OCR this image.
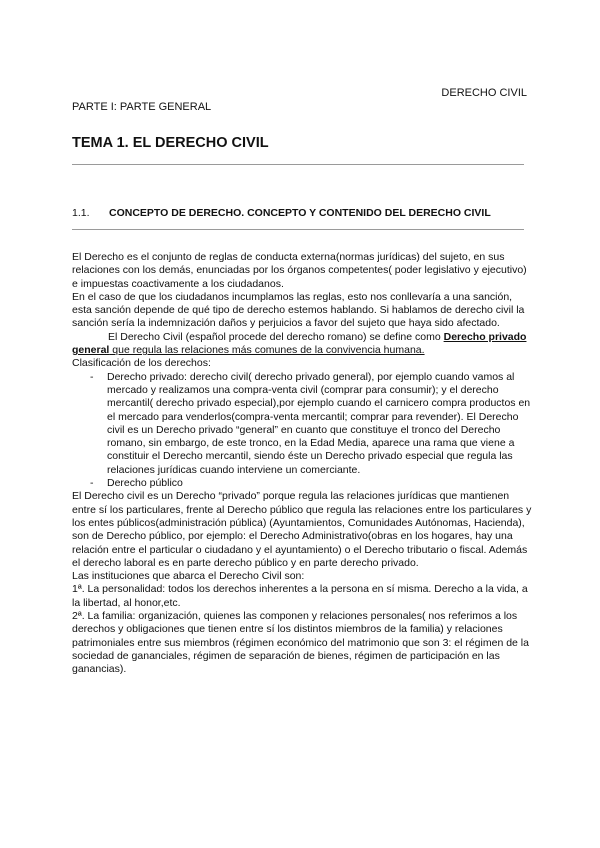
DERECHO CIVIL
PARTE I: PARTE GENERAL
TEMA 1. EL DERECHO CIVIL
1.1.	CONCEPTO DE DERECHO. CONCEPTO Y CONTENIDO DEL DERECHO CIVIL

El Derecho es el conjunto de reglas de conducta externa(normas jurídicas) del sujeto, en sus relaciones con los demás, enunciadas por los órganos competentes( poder legislativo y ejecutivo) e impuestas coactivamente a los ciudadanos.

En el caso de que los ciudadanos incumplamos las reglas, esto nos conllevaría a una sanción, esta sanción depende de qué tipo de derecho estemos hablando. Si hablamos de derecho civil la sanción sería la indemnización daños y perjuicios a favor del sujeto que haya sido afectado.

El Derecho Civil (español procede del derecho romano) se define como Derecho privado general que regula las relaciones más comunes de la convivencia humana.

Clasificación de los derechos:

- Derecho privado: derecho civil( derecho privado general), por ejemplo cuando vamos al mercado y realizamos una compra-venta civil (comprar para consumir); y el derecho mercantil( derecho privado especial),por ejemplo cuando el carnicero compra productos en el mercado para venderlos(compra-venta mercantil; comprar para revender). El Derecho civil es un Derecho privado “general” en cuanto que constituye el tronco del Derecho romano, sin embargo, de este tronco, en la Edad Media, aparece una rama que viene a constituir el Derecho mercantil, siendo éste un Derecho privado especial que regula las relaciones jurídicas cuando interviene un comerciante.
- Derecho público

El Derecho civil es un Derecho “privado” porque regula las relaciones jurídicas que mantienen entre sí los particulares, frente al Derecho público que regula las relaciones entre los particulares y los entes públicos(administración pública) (Ayuntamientos, Comunidades Autónomas, Hacienda), son de Derecho público, por ejemplo: el Derecho Administrativo(obras en los hogares, hay una relación entre el particular o ciudadano y el ayuntamiento) o el Derecho tributario o fiscal. Además el derecho laboral es en parte derecho público y en parte derecho privado.

Las instituciones que abarca el Derecho Civil son:

1ª. La personalidad: todos los derechos inherentes a la persona en sí misma. Derecho a la vida, a la libertad, al honor,etc.

2ª. La familia: organización, quienes las componen y relaciones personales( nos referimos a los derechos y obligaciones que tienen entre sí los distintos miembros de la familia) y relaciones patrimoniales entre sus miembros (régimen económico del matrimonio que son 3: el régimen de la sociedad de gananciales, régimen de separación de bienes, régimen de participación en las ganancias).
